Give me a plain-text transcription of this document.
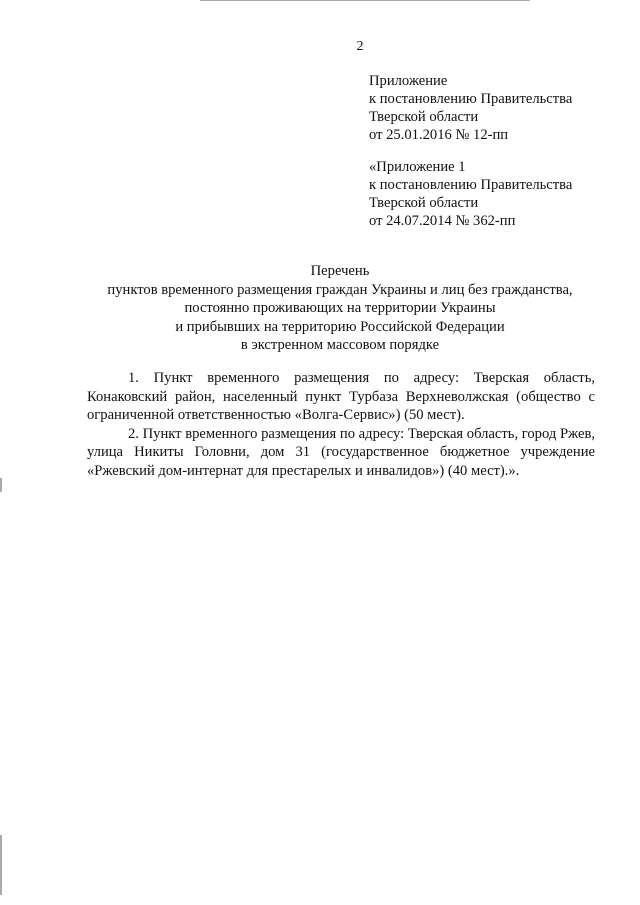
2
Приложение
к постановлению Правительства
Тверской области
от 25.01.2016 № 12-пп
«Приложение 1
к постановлению Правительства
Тверской области
от 24.07.2014 № 362-пп
Перечень
пунктов временного размещения граждан Украины и лиц без гражданства,
постоянно проживающих на территории Украины
и прибывших на территорию Российской Федерации
в экстренном массовом порядке

1. Пункт временного размещения по адресу: Тверская область, Конаковский район, населенный пункт Турбаза Верхневолжская (общество с ограниченной ответственностью «Волга-Сервис») (50 мест).

2. Пункт временного размещения по адресу: Тверская область, город Ржев, улица Никиты Головни, дом 31 (государственное бюджетное учреждение «Ржевский дом-интернат для престарелых и инвалидов») (40 мест).».
